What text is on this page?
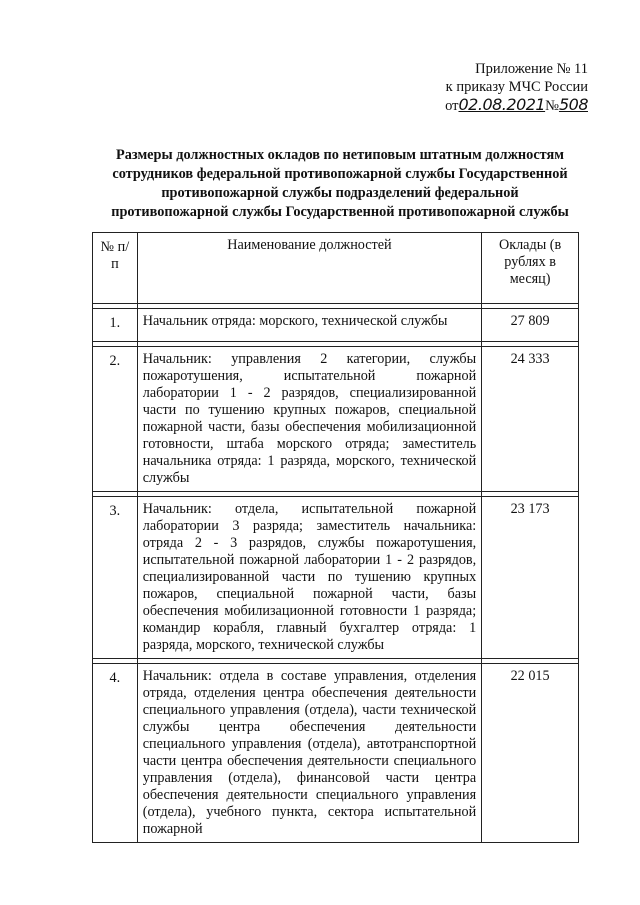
Приложение № 11
к приказу МЧС России
от02.08.2021№508
Размеры должностных окладов по нетиповым штатным должностям
сотрудников федеральной противопожарной службы Государственной
противопожарной службы подразделений федеральной
противопожарной службы Государственной противопожарной службы
№ п/п	Наименование должностей	Оклады (в рублях в месяц)

1.	Начальник отряда: морского, технической службы	27 809

2.	Начальник: управления 2 категории, службы пожаротушения, испытательной пожарной лаборатории 1 - 2 разрядов, специализированной части по тушению крупных пожаров, специальной пожарной части, базы обеспечения мобилизационной готовности, штаба морского отряда; заместитель начальника отряда: 1 разряда, морского, технической службы	24 333

3.	Начальник: отдела, испытательной пожарной лаборатории 3 разряда; заместитель начальника: отряда 2 - 3 разрядов, службы пожаротушения, испытательной пожарной лаборатории 1 - 2 разрядов, специализированной части по тушению крупных пожаров, специальной пожарной части, базы обеспечения мобилизационной готовности 1 разряда; командир корабля, главный бухгалтер отряда: 1 разряда, морского, технической службы	23 173

4.	Начальник: отдела в составе управления, отделения отряда, отделения центра обеспечения деятельности специального управления (отдела), части технической службы центра обеспечения деятельности специального управления (отдела), автотранспортной части центра обеспечения деятельности специального управления (отдела), финансовой части центра обеспечения деятельности специального управления (отдела), учебного пункта, сектора испытательной пожарной	22 015
